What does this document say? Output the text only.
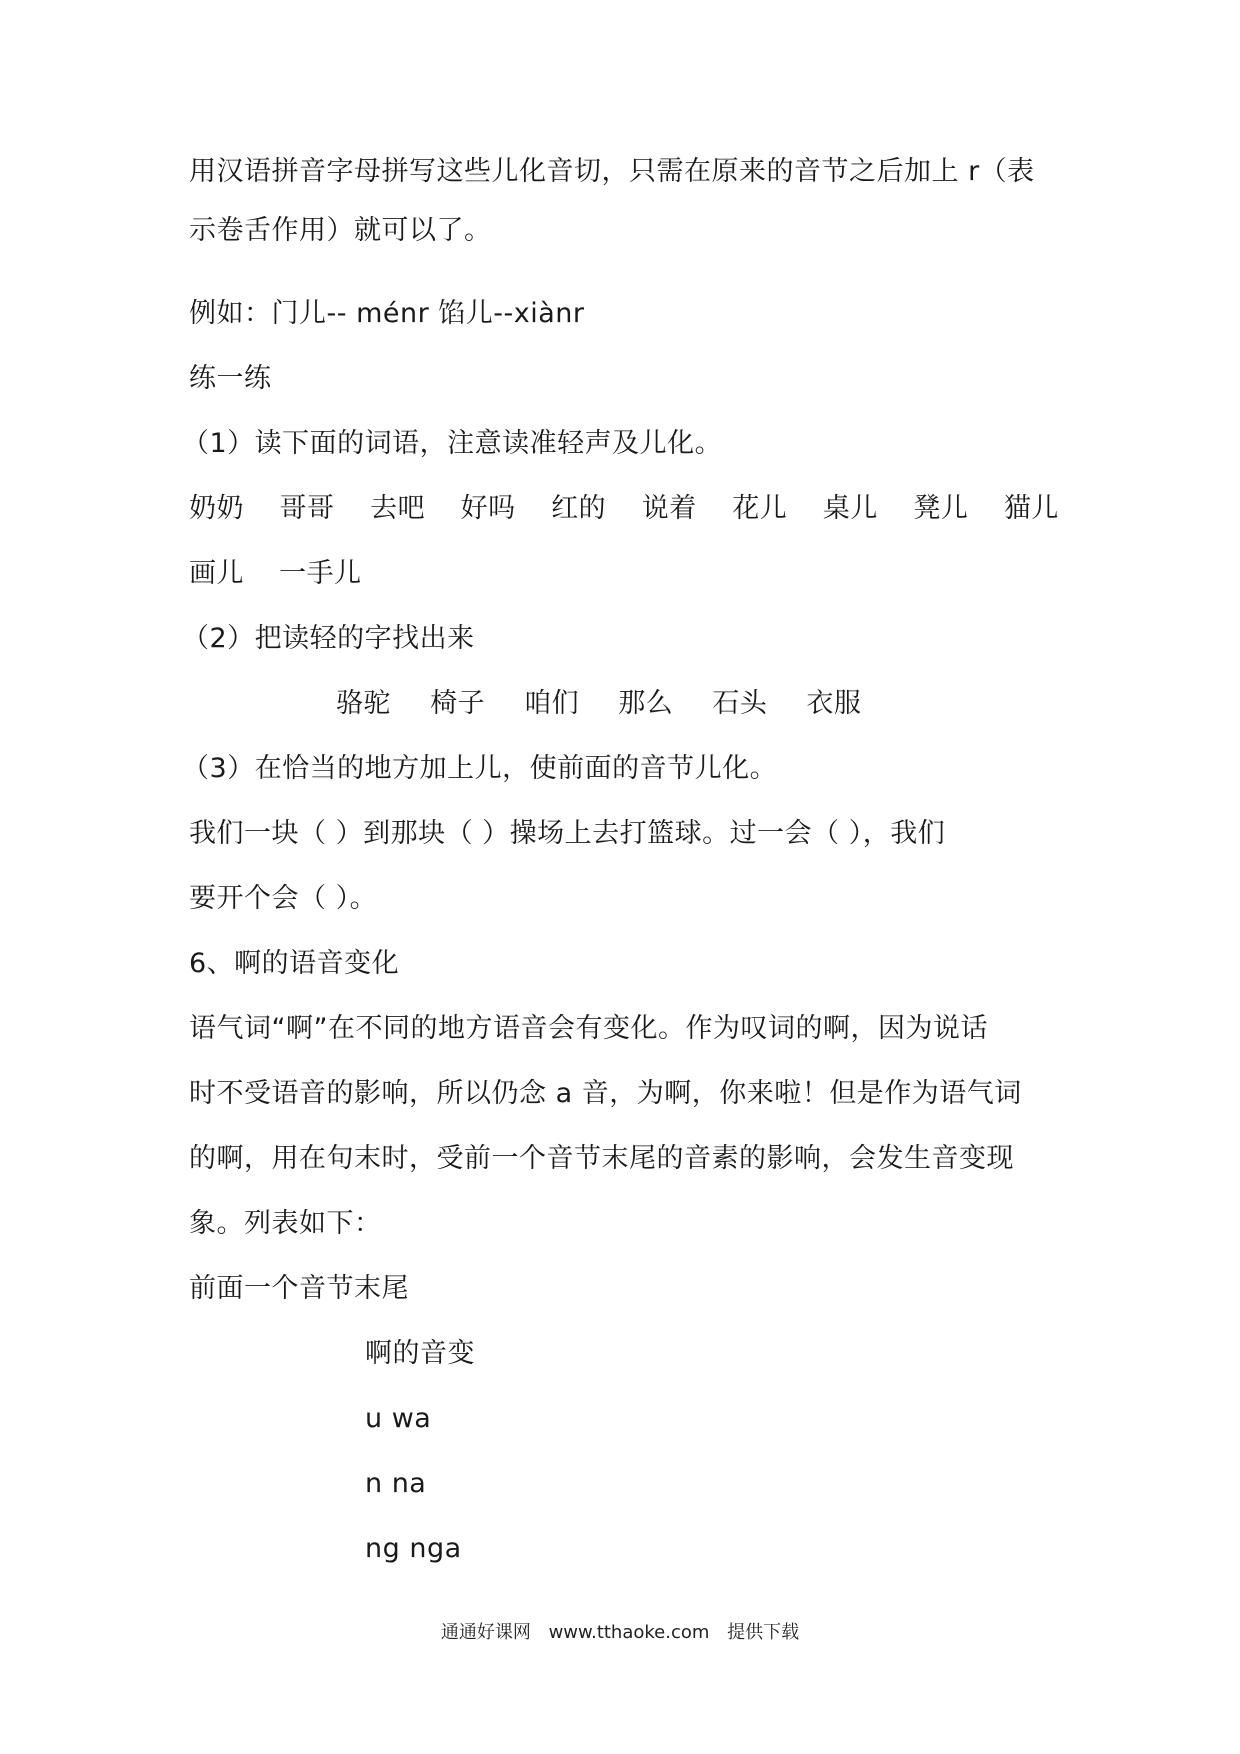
用汉语拼音字母拼写这些儿化音切，只需在原来的音节之后加上 r（表
示卷舌作用）就可以了。
例如：门儿-- ménr 馅儿--xiànr
练一练
（1）读下面的词语，注意读准轻声及儿化。
奶奶 哥哥 去吧 好吗 红的 说着 花儿 桌儿 凳儿 猫儿
画儿 一手儿
（2）把读轻的字找出来
骆驼 椅子 咱们 那么 石头 衣服
（3）在恰当的地方加上儿，使前面的音节儿化。
我们一块（ ）到那块（ ）操场上去打篮球。过一会（ ），我们
要开个会（ ）。
6、啊的语音变化
语气词“啊”在不同的地方语音会有变化。作为叹词的啊，因为说话
时不受语音的影响，所以仍念 a 音，为啊，你来啦！但是作为语气词
的啊，用在句末时，受前一个音节末尾的音素的影响，会发生音变现
象。列表如下：
前面一个音节末尾
啊的音变
u wa
n na
ng nga
通通好课网 www.tthaoke.com 提供下载
